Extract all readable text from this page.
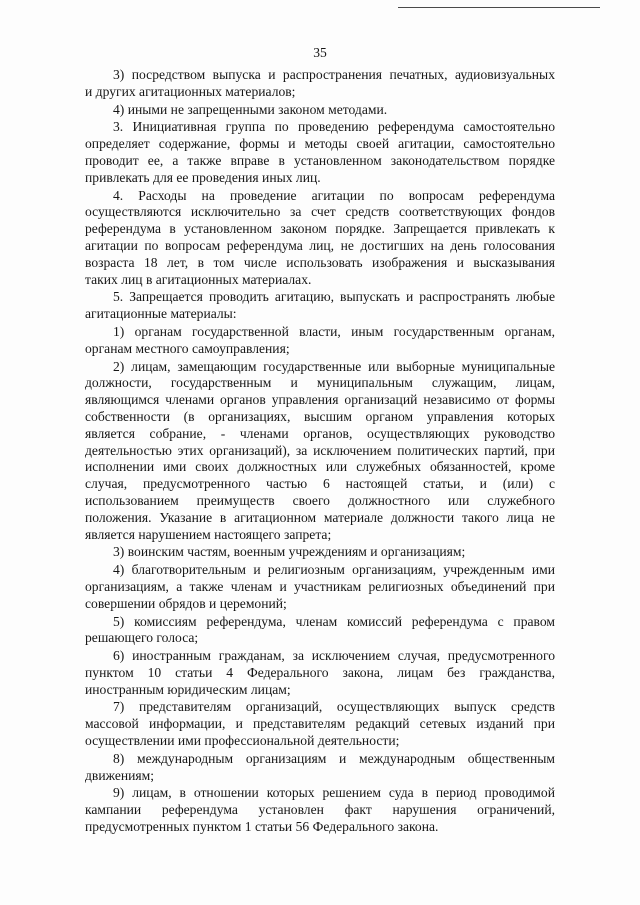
35
3) посредством выпуска и распространения печатных, аудиовизуальных
и других агитационных материалов;
4) иными не запрещенными законом методами.
3. Инициативная группа по проведению референдума самостоятельно
определяет содержание, формы и методы своей агитации, самостоятельно
проводит ее, а также вправе в установленном законодательством порядке
привлекать для ее проведения иных лиц.
4. Расходы на проведение агитации по вопросам референдума
осуществляются исключительно за счет средств соответствующих фондов
референдума в установленном законом порядке. Запрещается привлекать к
агитации по вопросам референдума лиц, не достигших на день голосования
возраста 18 лет, в том числе использовать изображения и высказывания
таких лиц в агитационных материалах.
5. Запрещается проводить агитацию, выпускать и распространять любые
агитационные материалы:
1) органам государственной власти, иным государственным органам,
органам местного самоуправления;
2) лицам, замещающим государственные или выборные муниципальные
должности, государственным и муниципальным служащим, лицам,
являющимся членами органов управления организаций независимо от формы
собственности (в организациях, высшим органом управления которых
является собрание, - членами органов, осуществляющих руководство
деятельностью этих организаций), за исключением политических партий, при
исполнении ими своих должностных или служебных обязанностей, кроме
случая, предусмотренного частью 6 настоящей статьи, и (или) с
использованием преимуществ своего должностного или служебного
положения. Указание в агитационном материале должности такого лица не
является нарушением настоящего запрета;
3) воинским частям, военным учреждениям и организациям;
4) благотворительным и религиозным организациям, учрежденным ими
организациям, а также членам и участникам религиозных объединений при
совершении обрядов и церемоний;
5) комиссиям референдума, членам комиссий референдума с правом
решающего голоса;
6) иностранным гражданам, за исключением случая, предусмотренного
пунктом 10 статьи 4 Федерального закона, лицам без гражданства,
иностранным юридическим лицам;
7) представителям организаций, осуществляющих выпуск средств
массовой информации, и представителям редакций сетевых изданий при
осуществлении ими профессиональной деятельности;
8) международным организациям и международным общественным
движениям;
9) лицам, в отношении которых решением суда в период проводимой
кампании референдума установлен факт нарушения ограничений,
предусмотренных пунктом 1 статьи 56 Федерального закона.
